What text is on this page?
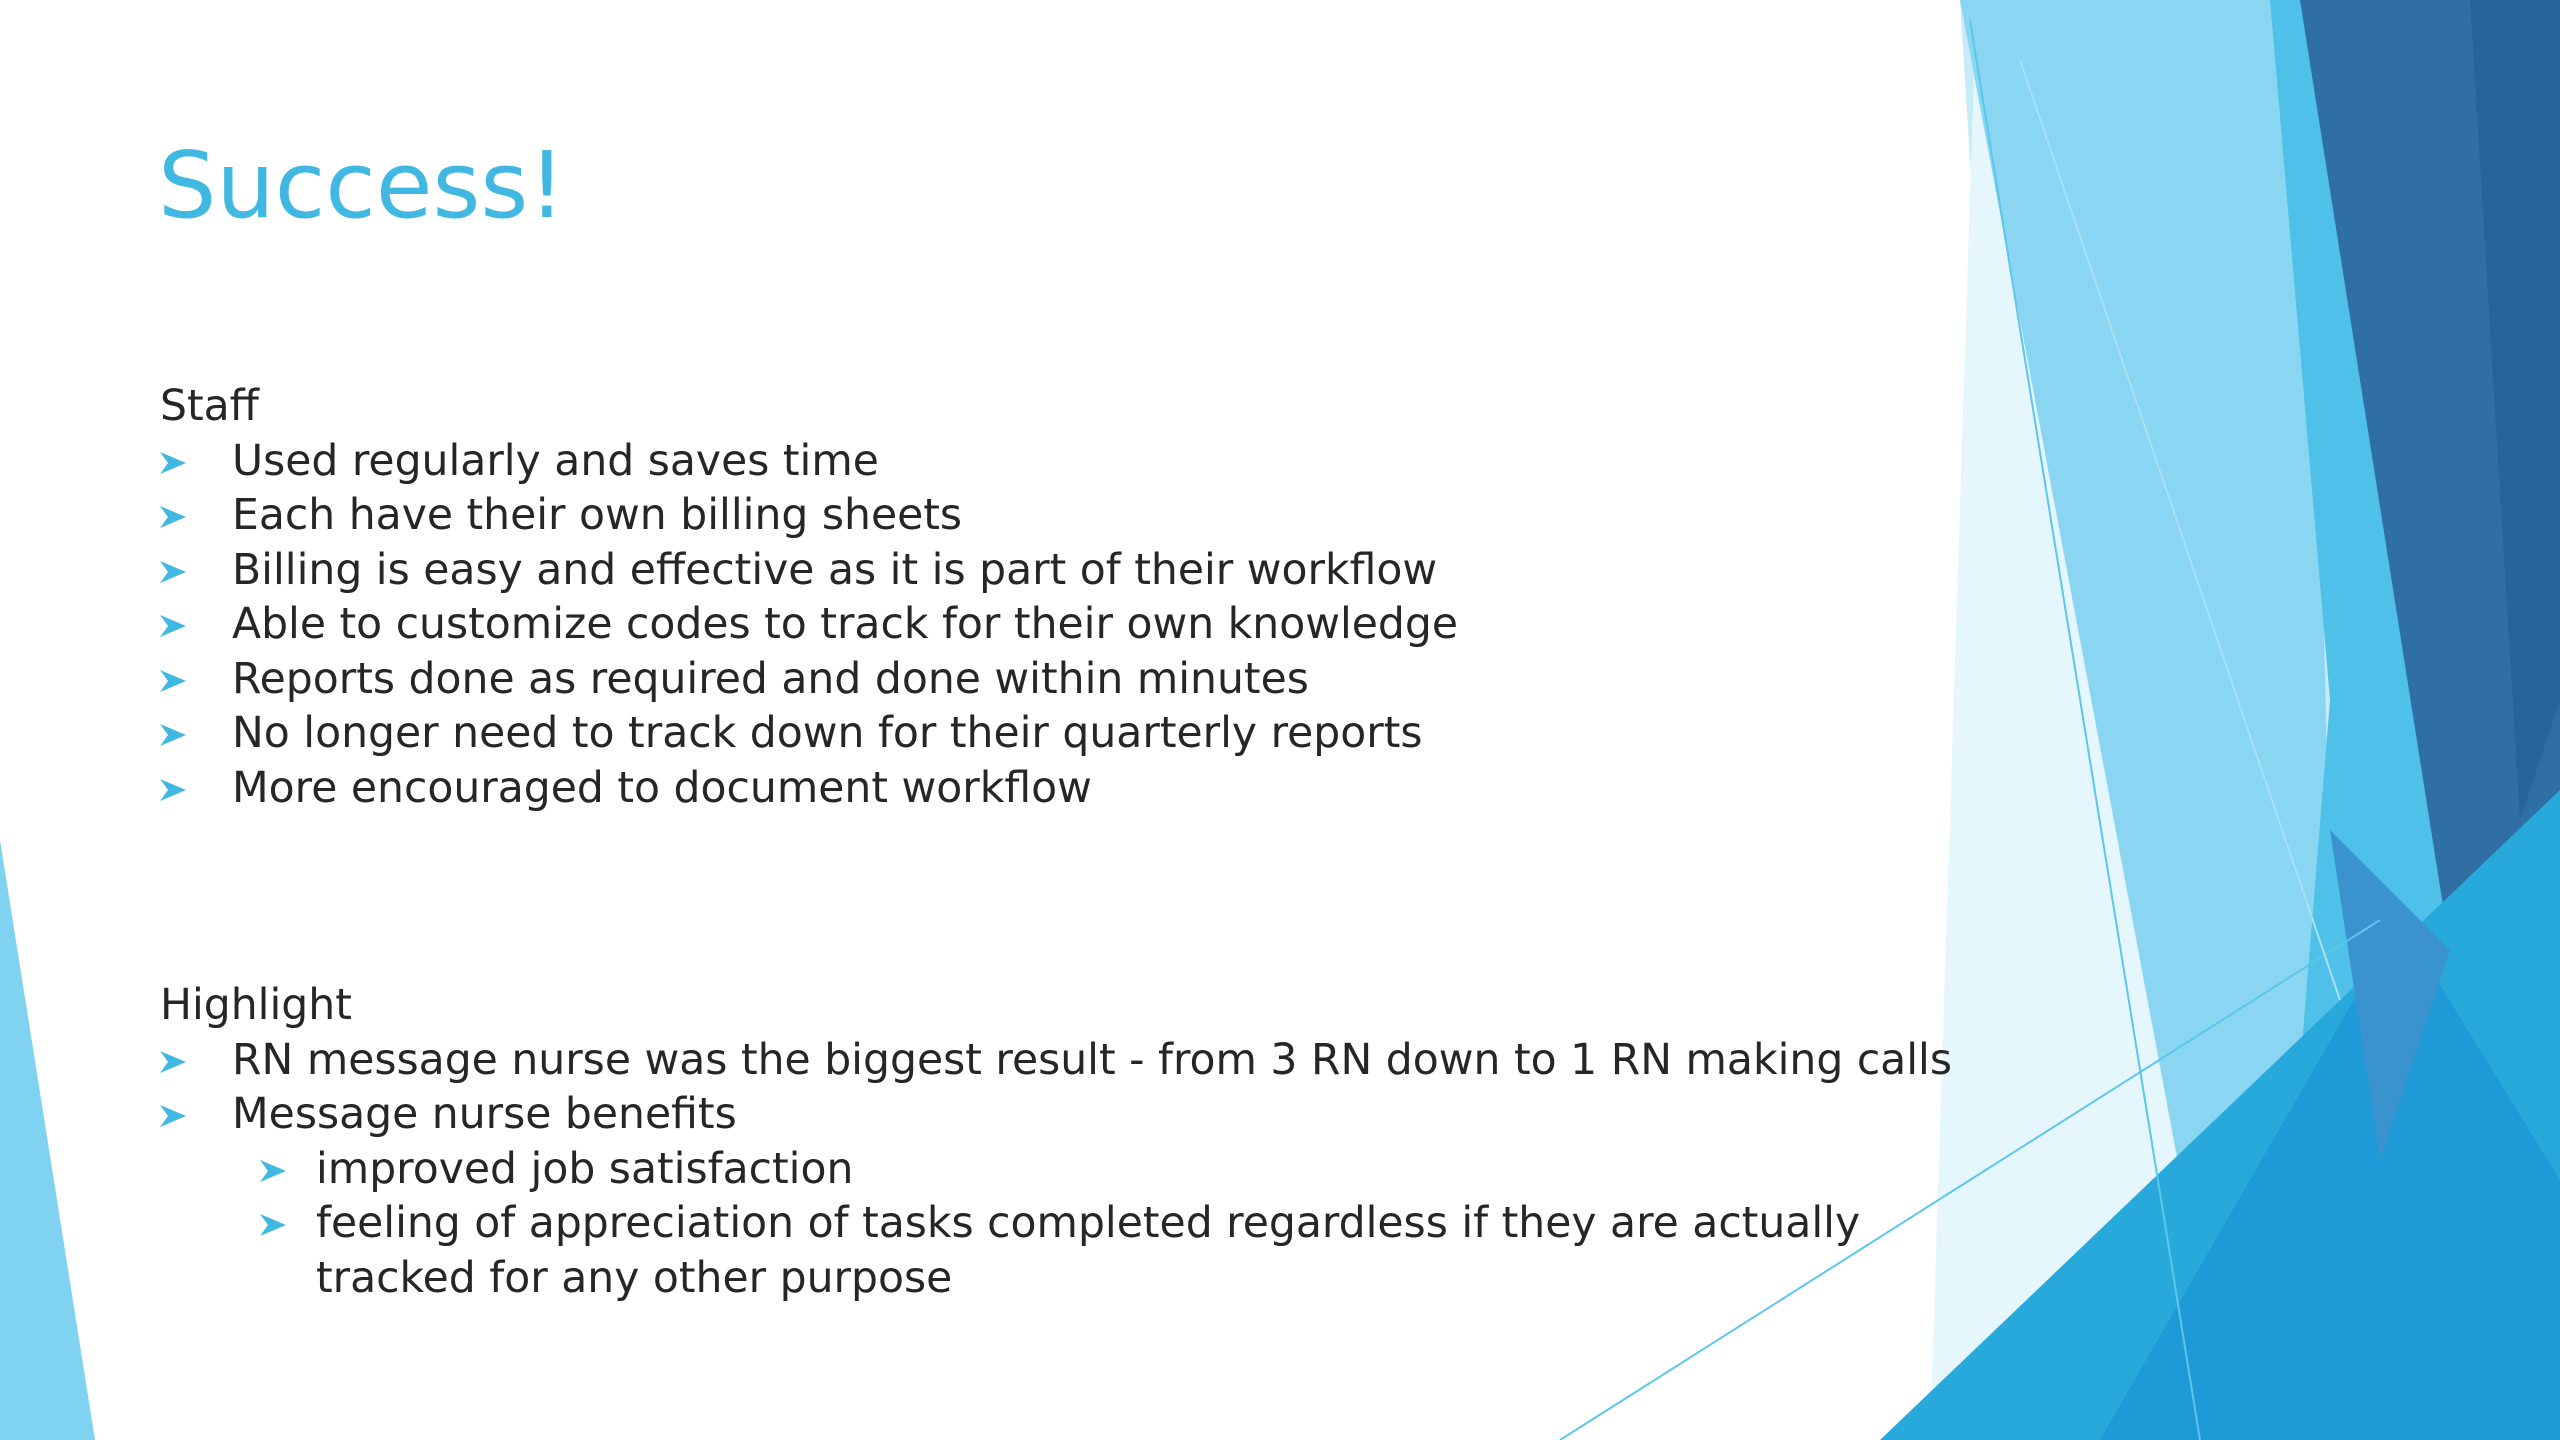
Success!
Staff
Used regularly and saves time
Each have their own billing sheets
Billing is easy and effective as it is part of their workflow
Able to customize codes to track for their own knowledge
Reports done as required and done within minutes
No longer need to track down for their quarterly reports
More encouraged to document workflow
Highlight
RN message nurse was the biggest result - from 3 RN down to 1 RN making calls
Message nurse benefits
improved job satisfaction
feeling of appreciation of tasks completed regardless if they are actually tracked for any other purpose
